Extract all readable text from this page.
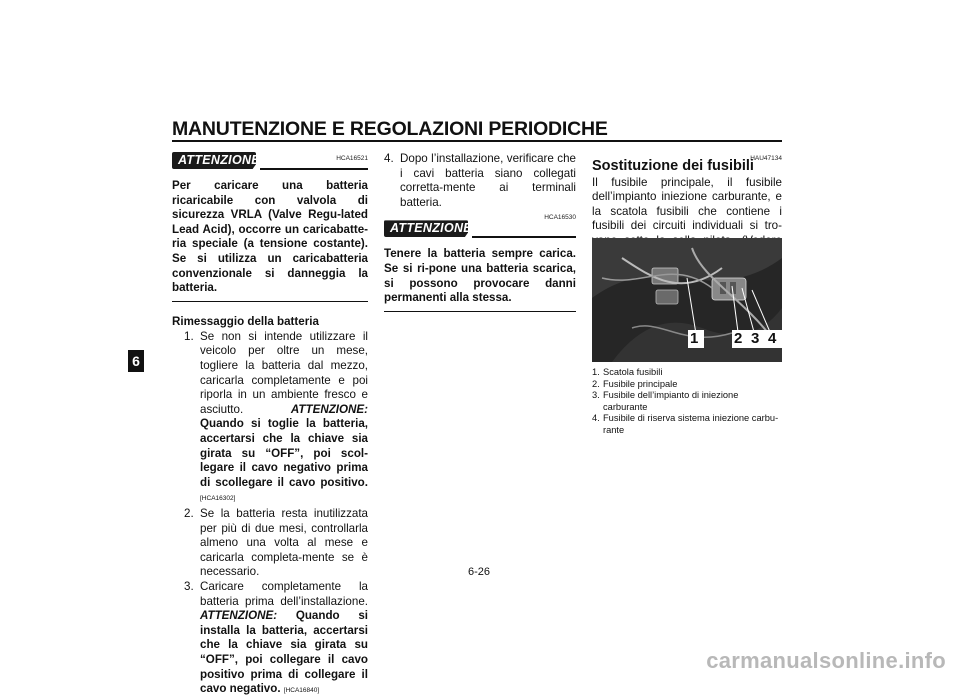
MANUTENZIONE E REGOLAZIONI PERIODICHE
6
ATTENZIONE	HCA16521
Per caricare una batteria ricaricabile con valvola di sicurezza VRLA (Valve Regu-lated Lead Acid), occorre un caricabatte-ria speciale (a tensione costante). Se si utilizza un caricabatteria convenzionale si danneggia la batteria.
Rimessaggio della batteria
1. Se non si intende utilizzare il veicolo per oltre un mese, togliere la batteria dal mezzo, caricarla completamente e poi riporla in un ambiente fresco e asciutto.	ATTENZIONE: Quando si toglie la batteria, accertarsi che la chiave sia girata su “OFF”, poi scol-legare il cavo negativo prima di scollegare il cavo positivo. [HCA16302]
2. Se la batteria resta inutilizzata per più di due mesi, controllarla almeno una volta al mese e caricarla completa-mente se è necessario.
3. Caricare completamente la batteria prima dell’installazione. ATTENZIONE: Quando si installa la batteria, accertarsi che la chiave sia girata su “OFF”, poi collegare il cavo positivo prima di collegare il cavo negativo. [HCA16840]
4. Dopo l’installazione, verificare che i cavi batteria siano collegati corretta-mente ai terminali batteria.
HCA16530
ATTENZIONE
Tenere la batteria sempre carica. Se si ri-pone una batteria scarica, si possono provocare danni permanenti alla stessa.
HAU47134
Sostituzione dei fusibili
Il fusibile principale, il fusibile dell’impianto iniezione carburante, e la scatola fusibili che contiene i fusibili dei circuiti individuali si tro-
1 2 3 4
1. Scatola fusibili
2. Fusibile principale
3. Fusibile dell’impianto di iniezione carburante
4. Fusibile di riserva sistema iniezione carbu-rante
6-26
carmanualsonline.info
